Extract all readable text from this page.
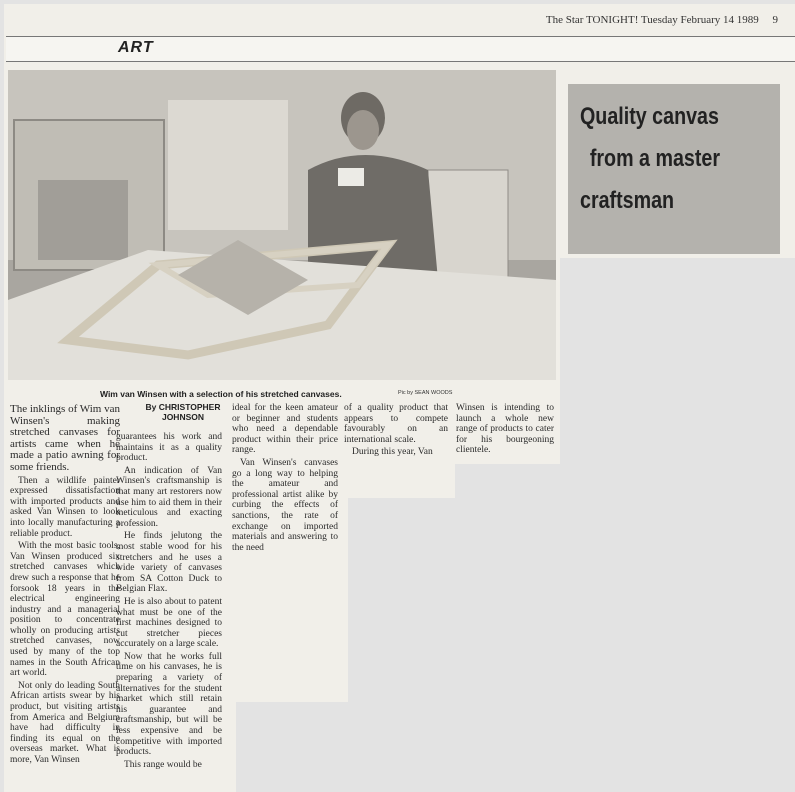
The Star TONIGHT! Tuesday February 14 1989 9
ART
Quality canvas
from a master
craftsman
Wim van Winsen with a selection of his stretched canvases.	Pic by SEAN WOODS
By CHRISTOPHER
JOHNSON

The inklings of Wim van Winsen's making stretched canvases for artists came when he made a patio awning for some friends.

Then a wildlife painter expressed dissatisfaction with imported products and asked Van Winsen to look into locally manufacturing a reliable product.

With the most basic tools, Van Winsen produced six stretched canvases which drew such a response that he forsook 18 years in the electrical engineering industry and a managerial position to concentrate wholly on producing artists stretched canvases, now used by many of the top names in the South African art world.

Not only do leading South African artists swear by his product, but visiting artists from America and Belgium have had difficulty in finding its equal on the overseas market. What is more, Van Winsen

guarantees his work and maintains it as a quality product.

An indication of Van Winsen's craftsmanship is that many art restorers now use him to aid them in their meticulous and exacting profession.

He finds jelutong the most stable wood for his stretchers and he uses a wide variety of canvases from SA Cotton Duck to Belgian Flax.

He is also about to patent what must be one of the first machines designed to cut stretcher pieces accurately on a large scale.

Now that he works full time on his canvases, he is preparing a variety of alternatives for the student market which still retain his guarantee and craftsmanship, but will be less expensive and be competitive with imported products.

This range would be

ideal for the keen amateur or beginner and students who need a dependable product within their price range.

Van Winsen's canvases go a long way to helping the amateur and professional artist alike by curbing the effects of sanctions, the rate of exchange on imported materials and answering to the need

of a quality product that appears to compete favourably on an international scale.

During this year, Van

Winsen is intending to launch a whole new range of products to cater for his bourgeoning clientele.
